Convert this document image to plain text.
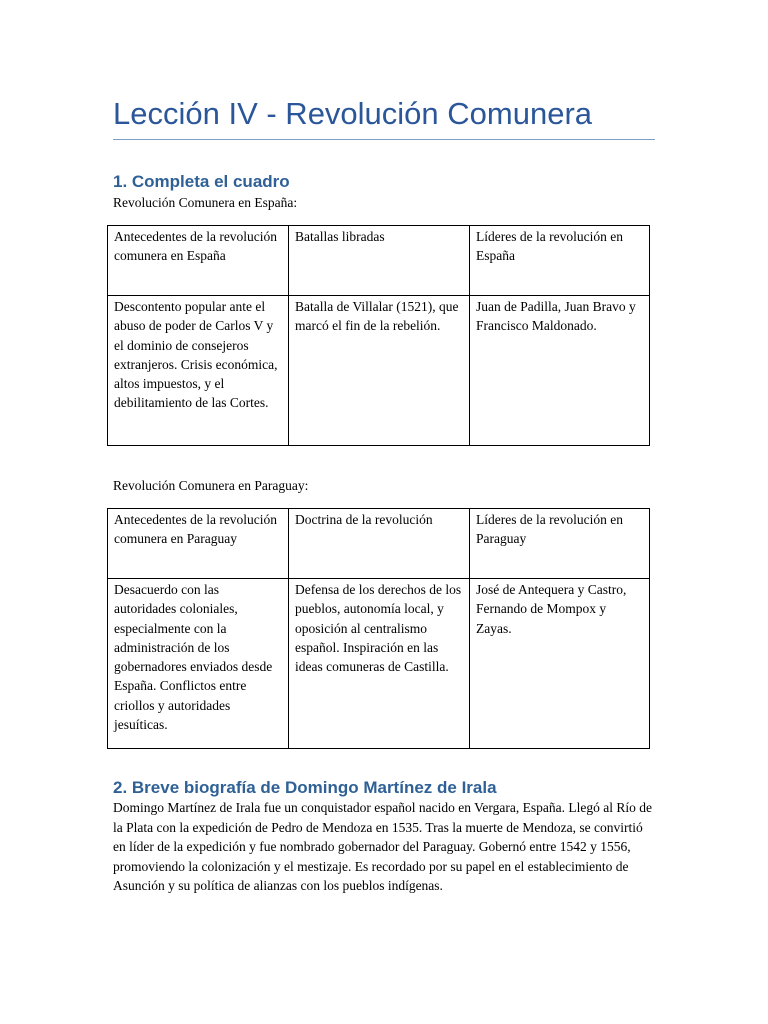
Lección IV - Revolución Comunera
1. Completa el cuadro
Revolución Comunera en España:
Antecedentes de la revolución comunera en España	Batallas libradas	Líderes de la revolución en España
Descontento popular ante el abuso de poder de Carlos V y el dominio de consejeros extranjeros. Crisis económica, altos impuestos, y el debilitamiento de las Cortes.	Batalla de Villalar (1521), que marcó el fin de la rebelión.	Juan de Padilla, Juan Bravo y Francisco Maldonado.
Revolución Comunera en Paraguay:
Antecedentes de la revolución comunera en Paraguay	Doctrina de la revolución	Líderes de la revolución en Paraguay
Desacuerdo con las autoridades coloniales, especialmente con la administración de los gobernadores enviados desde España. Conflictos entre criollos y autoridades jesuíticas.	Defensa de los derechos de los pueblos, autonomía local, y oposición al centralismo español. Inspiración en las ideas comuneras de Castilla.	José de Antequera y Castro, Fernando de Mompox y Zayas.
2. Breve biografía de Domingo Martínez de Irala
Domingo Martínez de Irala fue un conquistador español nacido en Vergara, España. Llegó al Río de la Plata con la expedición de Pedro de Mendoza en 1535. Tras la muerte de Mendoza, se convirtió en líder de la expedición y fue nombrado gobernador del Paraguay. Gobernó entre 1542 y 1556, promoviendo la colonización y el mestizaje. Es recordado por su papel en el establecimiento de Asunción y su política de alianzas con los pueblos indígenas.
